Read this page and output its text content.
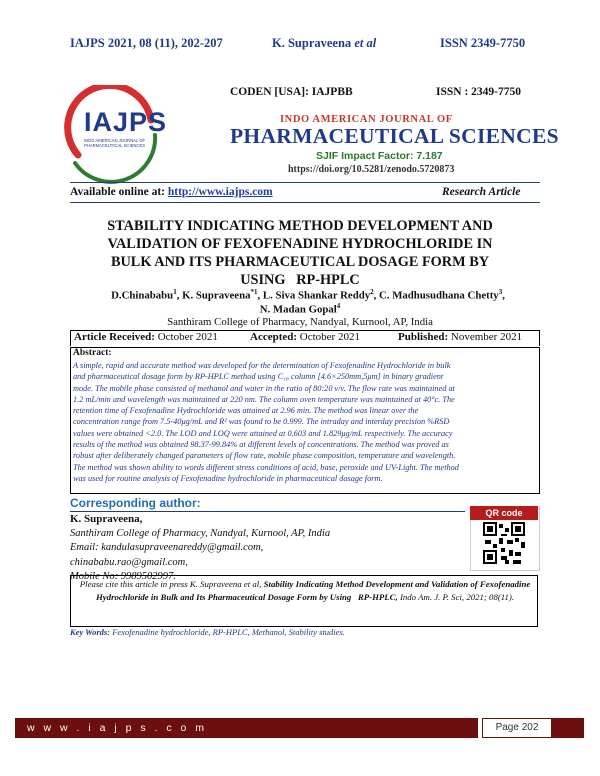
IAJPS 2021, 08 (11), 202-207	K. Supraveena et al	ISSN 2349-7750
CODEN [USA]: IAJPBB	ISSN : 2349-7750
INDO AMERICAN JOURNAL OF
PHARMACEUTICAL SCIENCES
SJIF Impact Factor: 7.187
https://doi.org/10.5281/zenodo.5720873
IAJPS
INDO AMERICAN JOURNAL OF
PHARMACEUTICAL SCIENCES
Available online at: http://www.iajps.com	Research Article
STABILITY INDICATING METHOD DEVELOPMENT AND
VALIDATION OF FEXOFENADINE HYDROCHLORIDE IN
BULK AND ITS PHARMACEUTICAL DOSAGE FORM BY
USING   RP-HPLC
D.Chinababu$^1$, K. Supraveena$^{*1}$, L. Siva Shankar Reddy$^2$, C. Madhusudhana Chetty$^3$,
N. Madan Gopal$^4$
Santhiram College of Pharmacy, Nandyal, Kurnool, AP, India
Article Received: October 2021	Accepted: October 2021	Published: November 2021
Abstract:
A simple, rapid and accurate method was developed for the determination of Fexofenadine Hydrochloride in bulk
and pharmaceutical dosage form by RP-HPLC method using C₁₈ column [4.6×250mm,5μm] in binary gradient
mode. The mobile phase consisted of methanol and water in the ratio of 80:20 v/v. The flow rate was maintained at
1.2 mL/min and wavelength was maintained at 220 nm. The column oven temperature was maintained at 40°c. The
retention time of Fexofenadine Hydrochloride was attained at 2.96 min. The method was linear over the
concentration range from 7.5-40μg/mL and R² was found to be 0.999. The intraday and interday precision %RSD
values were obtained <2.0. The LOD and LOQ were attained at 0.603 and 1.829μg/mL respectively. The accuracy
results of the method was obtained 98.37-99.84% at different levels of concentrations. The method was proved as
robust after deliberately changed parameters of flow rate, mobile phase composition, temperature and wavelength.
The method was shown ability to words different stress conditions of acid, base, peroxide and UV-Light. The method
was used for routine analysis of Fexofenadine hydrochloride in pharmaceutical dosage form.
Corresponding author:
K. Supraveena,
Santhiram College of Pharmacy, Nandyal, Kurnool, AP, India
Email: kandulasupraveenareddy@gmail.com,
chinababu.rao@gmail.com,
Mobile No: 9989502997.
QR code
Please cite this article in press K. Supraveena et al, Stability Indicating Method Development and Validation of Fexofenadine Hydrochloride in Bulk and Its Pharmaceutical Dosage Form by Using   RP-HPLC, Indo Am. J. P. Sci, 2021; 08(11).
Key Words: Fexofenadine hydrochloride, RP-HPLC, Methanol, Stability studies.
w w w . i a j p s . c o m	Page 202
